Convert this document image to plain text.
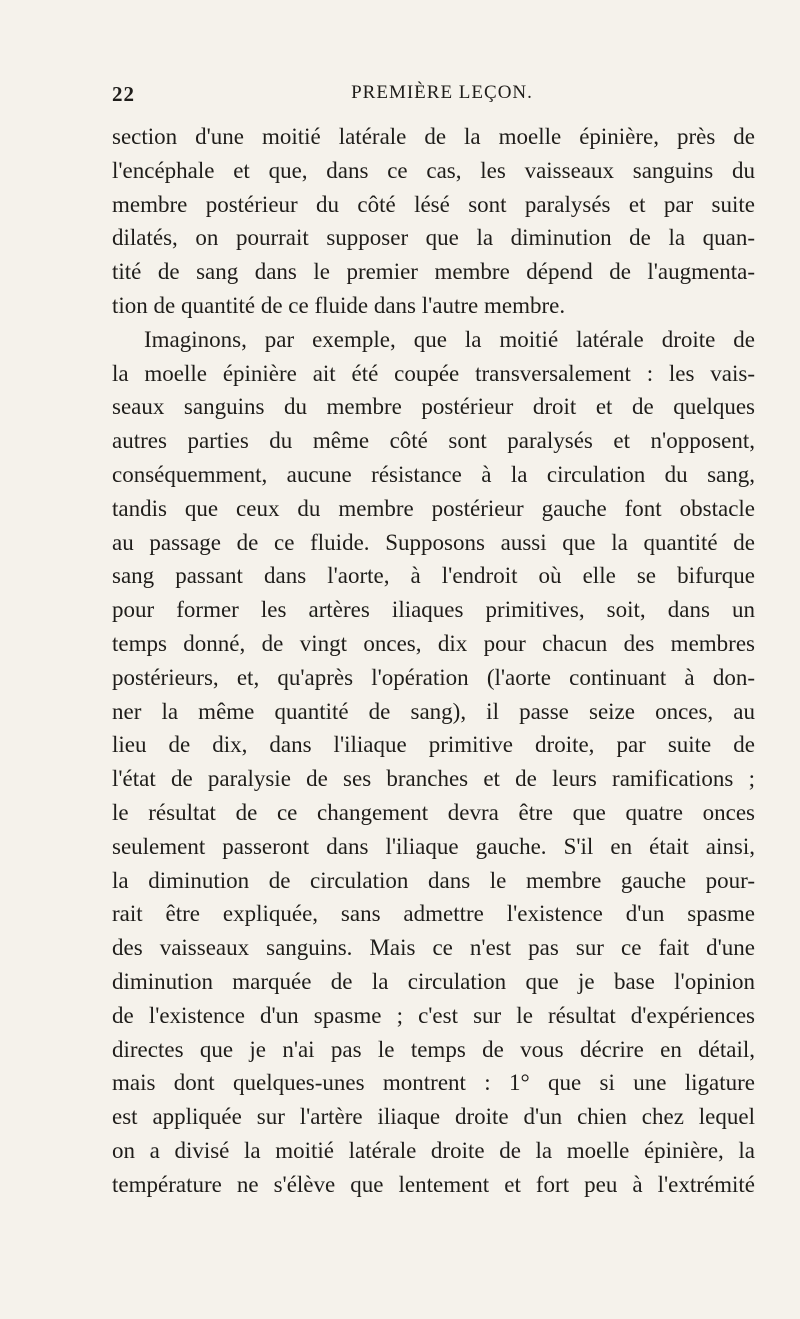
22	PREMIÈRE LEÇON.
section d'une moitié latérale de la moelle épinière, près de
l'encéphale et que, dans ce cas, les vaisseaux sanguins du
membre postérieur du côté lésé sont paralysés et par suite
dilatés, on pourrait supposer que la diminution de la quan-
tité de sang dans le premier membre dépend de l'augmenta-
tion de quantité de ce fluide dans l'autre membre.
Imaginons, par exemple, que la moitié latérale droite de
la moelle épinière ait été coupée transversalement : les vais-
seaux sanguins du membre postérieur droit et de quelques
autres parties du même côté sont paralysés et n'opposent,
conséquemment, aucune résistance à la circulation du sang,
tandis que ceux du membre postérieur gauche font obstacle
au passage de ce fluide. Supposons aussi que la quantité de
sang passant dans l'aorte, à l'endroit où elle se bifurque
pour former les artères iliaques primitives, soit, dans un
temps donné, de vingt onces, dix pour chacun des membres
postérieurs, et, qu'après l'opération (l'aorte continuant à don-
ner la même quantité de sang), il passe seize onces, au
lieu de dix, dans l'iliaque primitive droite, par suite de
l'état de paralysie de ses branches et de leurs ramifications ;
le résultat de ce changement devra être que quatre onces
seulement passeront dans l'iliaque gauche. S'il en était ainsi,
la diminution de circulation dans le membre gauche pour-
rait être expliquée, sans admettre l'existence d'un spasme
des vaisseaux sanguins. Mais ce n'est pas sur ce fait d'une
diminution marquée de la circulation que je base l'opinion
de l'existence d'un spasme ; c'est sur le résultat d'expériences
directes que je n'ai pas le temps de vous décrire en détail,
mais dont quelques-unes montrent : 1° que si une ligature
est appliquée sur l'artère iliaque droite d'un chien chez lequel
on a divisé la moitié latérale droite de la moelle épinière, la
température ne s'élève que lentement et fort peu à l'extrémité
